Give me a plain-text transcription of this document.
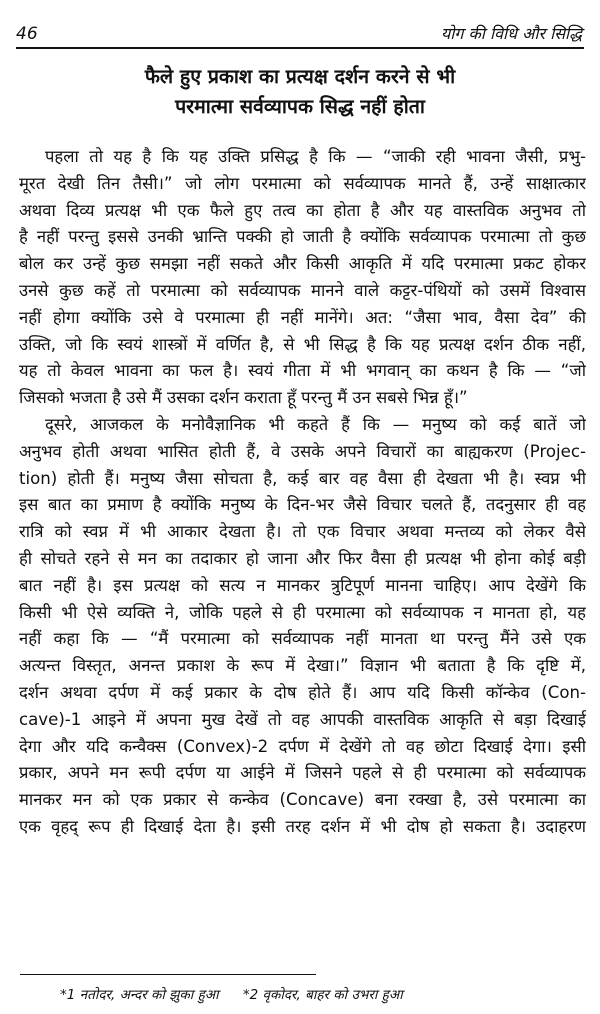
46	योग की विधि और सिद्धि
फैले हुए प्रकाश का प्रत्यक्ष दर्शन करने से भी
परमात्मा सर्वव्यापक सिद्ध नहीं होता
पहला तो यह है कि यह उक्ति प्रसिद्ध है कि — “जाकी रही भावना जैसी, प्रभु-
मूरत देखी तिन तैसी।” जो लोग परमात्मा को सर्वव्यापक मानते हैं, उन्हें साक्षात्कार
अथवा दिव्य प्रत्यक्ष भी एक फैले हुए तत्व का होता है और यह वास्तविक अनुभव तो
है नहीं परन्तु इससे उनकी भ्रान्ति पक्की हो जाती है क्योंकि सर्वव्यापक परमात्मा तो कुछ
बोल कर उन्हें कुछ समझा नहीं सकते और किसी आकृति में यदि परमात्मा प्रकट होकर
उनसे कुछ कहें तो परमात्मा को सर्वव्यापक मानने वाले कट्टर-पंथियों को उसमें विश्वास
नहीं होगा क्योंकि उसे वे परमात्मा ही नहीं मानेंगे। अत: “जैसा भाव, वैसा देव” की
उक्ति, जो कि स्वयं शास्त्रों में वर्णित है, से भी सिद्ध है कि यह प्रत्यक्ष दर्शन ठीक नहीं,
यह तो केवल भावना का फल है। स्वयं गीता में भी भगवान् का कथन है कि — “जो
जिसको भजता है उसे मैं उसका दर्शन कराता हूँ परन्तु मैं उन सबसे भिन्न हूँ।”
दूसरे, आजकल के मनोवैज्ञानिक भी कहते हैं कि — मनुष्य को कई बातें जो
अनुभव होती अथवा भासित होती हैं, वे उसके अपने विचारों का बाह्यकरण (Projec-
tion) होती हैं। मनुष्य जैसा सोचता है, कई बार वह वैसा ही देखता भी है। स्वप्न भी
इस बात का प्रमाण है क्योंकि मनुष्य के दिन-भर जैसे विचार चलते हैं, तदनुसार ही वह
रात्रि को स्वप्न में भी आकार देखता है। तो एक विचार अथवा मन्तव्य को लेकर वैसे
ही सोचते रहने से मन का तदाकार हो जाना और फिर वैसा ही प्रत्यक्ष भी होना कोई बड़ी
बात नहीं है। इस प्रत्यक्ष को सत्य न मानकर त्रुटिपूर्ण मानना चाहिए। आप देखेंगे कि
किसी भी ऐसे व्यक्ति ने, जोकि पहले से ही परमात्मा को सर्वव्यापक न मानता हो, यह
नहीं कहा कि — “मैं परमात्मा को सर्वव्यापक नहीं मानता था परन्तु मैंने उसे एक
अत्यन्त विस्तृत, अनन्त प्रकाश के रूप में देखा।” विज्ञान भी बताता है कि दृष्टि में,
दर्शन अथवा दर्पण में कई प्रकार के दोष होते हैं। आप यदि किसी कॉन्केव (Con-
cave)-1 आइने में अपना मुख देखें तो वह आपकी वास्तविक आकृति से बड़ा दिखाई
देगा और यदि कन्वैक्स (Convex)-2 दर्पण में देखेंगे तो वह छोटा दिखाई देगा। इसी
प्रकार, अपने मन रूपी दर्पण या आईने में जिसने पहले से ही परमात्मा को सर्वव्यापक
मानकर मन को एक प्रकार से कन्केव (Concave) बना रक्खा है, उसे परमात्मा का
एक वृहद् रूप ही दिखाई देता है। इसी तरह दर्शन में भी दोष हो सकता है। उदाहरण
*1 नतोदर, अन्दर को झुका हुआ *2 वृकोदर, बाहर को उभरा हुआ
